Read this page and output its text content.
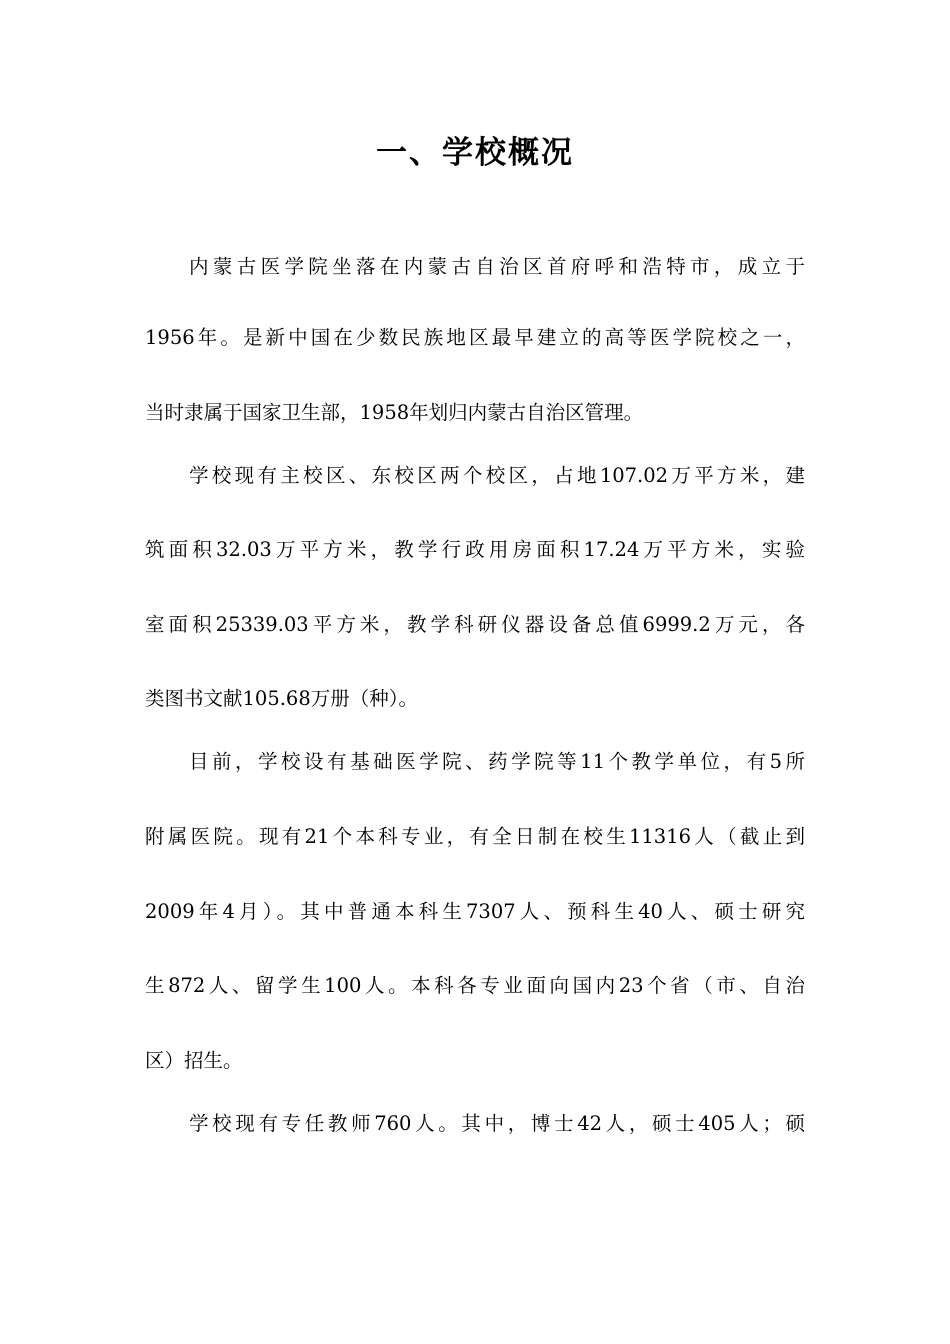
一、学校概况

内蒙古医学院坐落在内蒙古自治区首府呼和浩特市，成立于

1956年。是新中国在少数民族地区最早建立的高等医学院校之一，

当时隶属于国家卫生部，1958年划归内蒙古自治区管理。

学校现有主校区、东校区两个校区，占地107.02万平方米，建

筑面积32.03万平方米，教学行政用房面积17.24万平方米，实验

室面积25339.03平方米，教学科研仪器设备总值6999.2万元，各

类图书文献105.68万册（种）。

目前，学校设有基础医学院、药学院等11个教学单位，有5所

附属医院。现有21个本科专业，有全日制在校生11316人（截止到

2009年4月）。其中普通本科生7307人、预科生40人、硕士研究

生872人、留学生100人。本科各专业面向国内23个省（市、自治

区）招生。

学校现有专任教师760人。其中，博士42人，硕士405人；硕
